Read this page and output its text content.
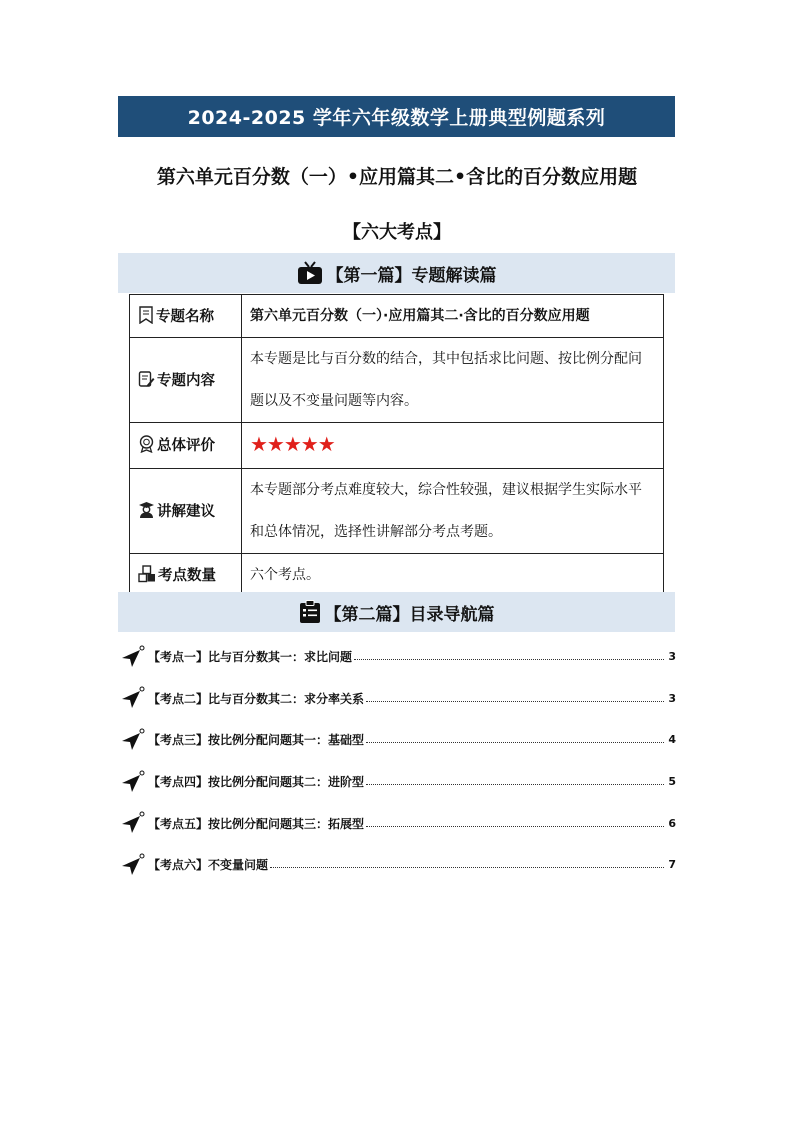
2024-2025 学年六年级数学上册典型例题系列
第六单元百分数（一）•应用篇其二•含比的百分数应用题
【六大考点】
【第一篇】专题解读篇
专题名称	第六单元百分数（一）·应用篇其二·含比的百分数应用题
专题内容	本专题是比与百分数的结合，其中包括求比问题、按比例分配问题以及不变量问题等内容。
总体评价	★★★★★
讲解建议	本专题部分考点难度较大，综合性较强，建议根据学生实际水平和总体情况，选择性讲解部分考点考题。
考点数量	六个考点。
【第二篇】目录导航篇
【考点一】比与百分数其一：求比问题	3
【考点二】比与百分数其二：求分率关系	3
【考点三】按比例分配问题其一：基础型	4
【考点四】按比例分配问题其二：进阶型	5
【考点五】按比例分配问题其三：拓展型	6
【考点六】不变量问题	7
